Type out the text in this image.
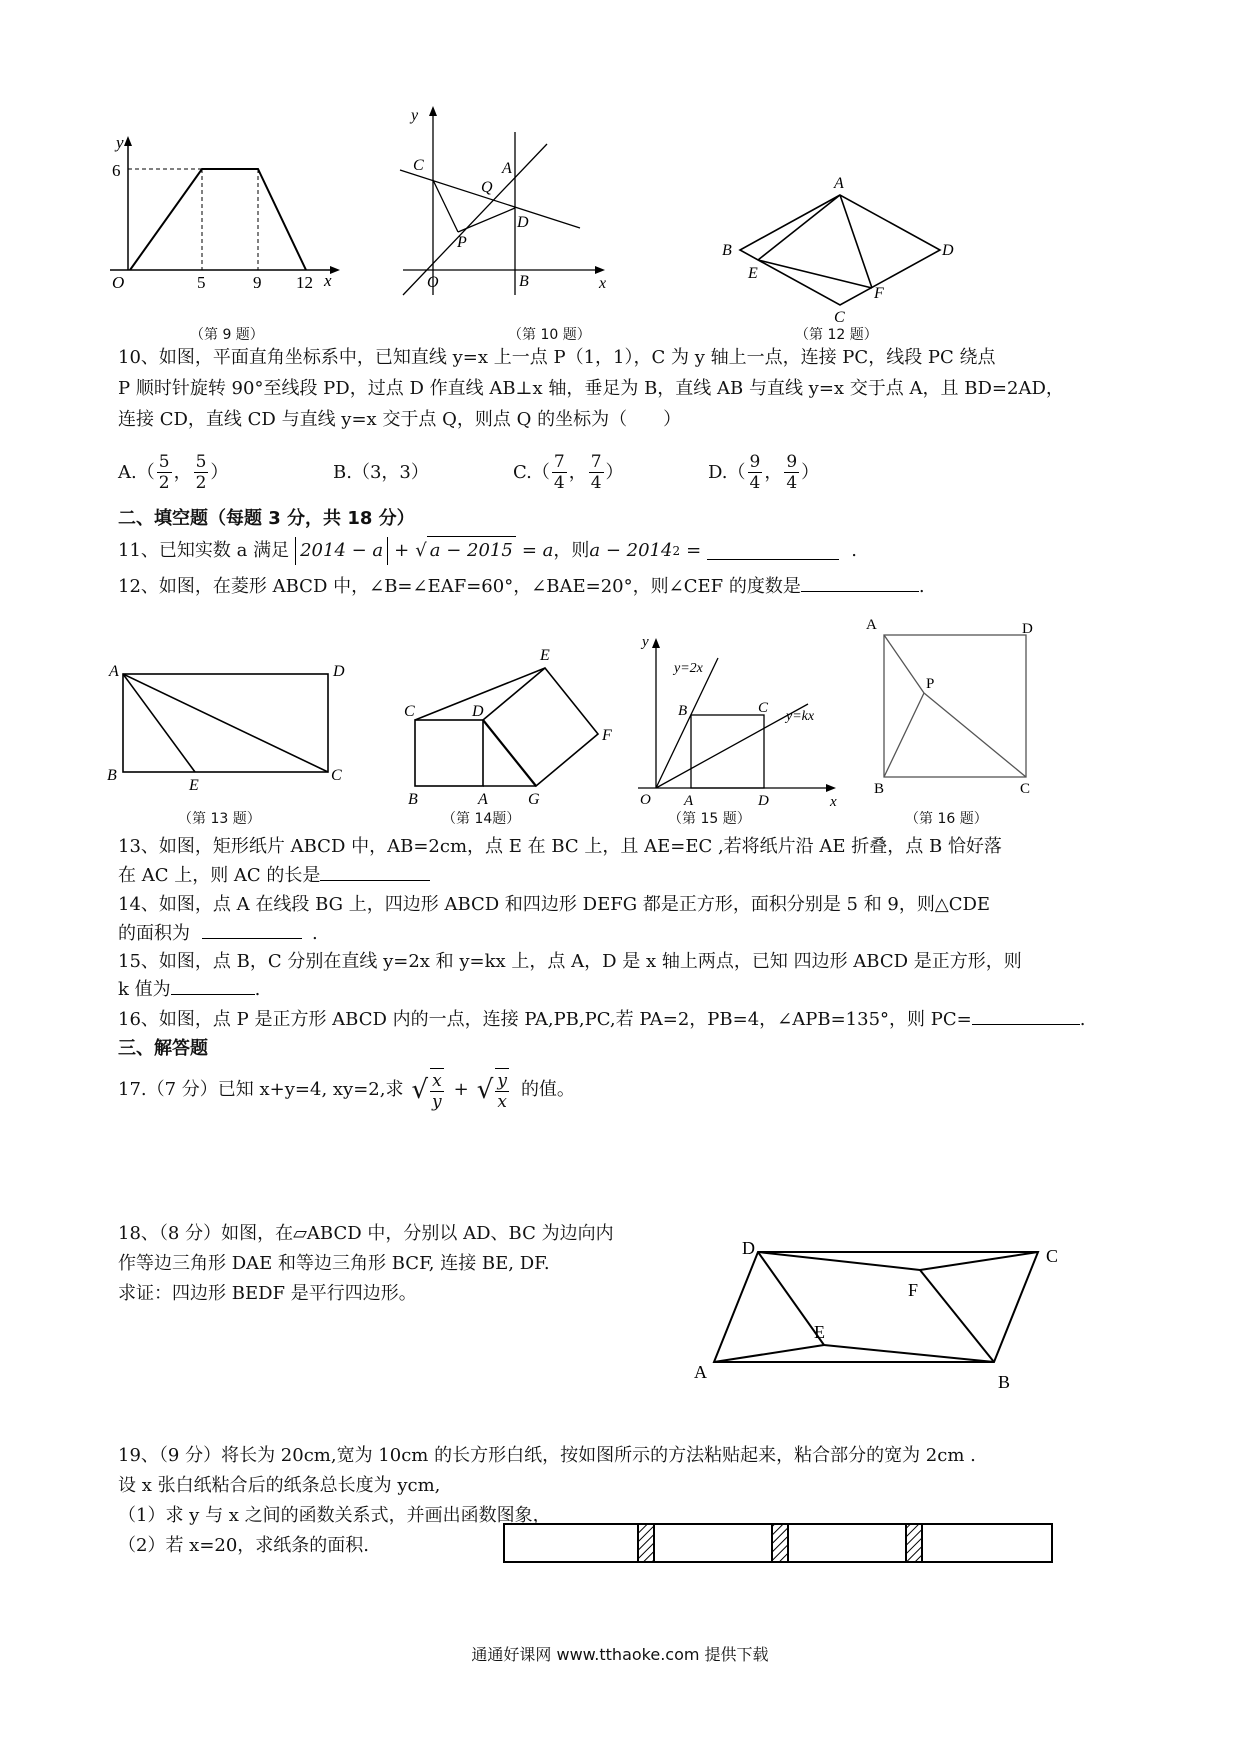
y
x
O
6
5	9 12
（第 9 题）
y
x
O
C	A
Q
D
P
B
（第 10 题）
A
B	D
E
F
C
（第 12 题）
10、如图，平面直角坐标系中，已知直线 y=x 上一点 P（1，1），C 为 y 轴上一点，连接 PC，线段 PC 绕点
P 顺时针旋转 90°至线段 PD，过点 D 作直线 AB⊥x 轴，垂足为 B，直线 AB 与直线 y=x 交于点 A，且 BD=2AD，
连接 CD，直线 CD 与直线 y=x 交于点 Q，则点 Q 的坐标为（　　）
$A.( \frac{5}{2}$ ， $\frac{5}{2}$ ）	B.（3，3）	$C.( \frac{7}{4}$ ， $\frac{7}{4}$ ）	$D.( \frac{9}{4}$ ， $\frac{9}{4}$ ）
二、填空题（每题 3 分，共 18 分）
11、已知实数 a 满足 2014 − a + √ a − 2015 = a ，则 a − 2014 2 =	.
12、如图，在菱形 ABCD 中，∠B=∠EAF=60°，∠BAE=20°，则∠CEF 的度数是	.
A	D
B
E
C
（第 13 题）
E
C	D
F
B	A	G
（第 14题）
y
x
O
y=2x
y=kx
B	C
A	D
（第 15 题）
A	D
P
B	C
（第 16 题）
13、如图，矩形纸片 ABCD 中，AB=2cm，点 E 在 BC 上，且 AE=EC ,若将纸片沿 AE 折叠，点 B 恰好落
在 AC 上，则 AC 的长是
14、如图，点 A 在线段 BG 上，四边形 ABCD 和四边形 DEFG 都是正方形，面积分别是 5 和 9，则△CDE
的面积为	.
15、如图，点 B，C 分别在直线 y=2x 和 y=kx 上，点 A，D 是 x 轴上两点，已知 四边形 ABCD 是正方形，则
k 值为	.
16、如图，点 P 是正方形 ABCD 内的一点，连接 PA,PB,PC,若 PA=2，PB=4，∠APB=135°，则 PC=	.
三、解答题
17.（7 分）已知 x+y=4, xy=2,求 √ $\frac{x}{y}$ + √ $\frac{y}{x}$ 的值。
18、（8 分）如图，在▱ABCD 中，分别以 AD、BC 为边向内
作等边三角形 DAE 和等边三角形 BCF, 连接 BE, DF.
求证：四边形 BEDF 是平行四边形。
D	C
F
E
A	B
19、（9 分）将长为 20cm,宽为 10cm 的长方形白纸，按如图所示的方法粘贴起来，粘合部分的宽为 2cm .
设 x 张白纸粘合后的纸条总长度为 ycm,
（1）求 y 与 x 之间的函数关系式，并画出函数图象，
（2）若 x=20，求纸条的面积.
通通好课网 www.tthaoke.com 提供下载
